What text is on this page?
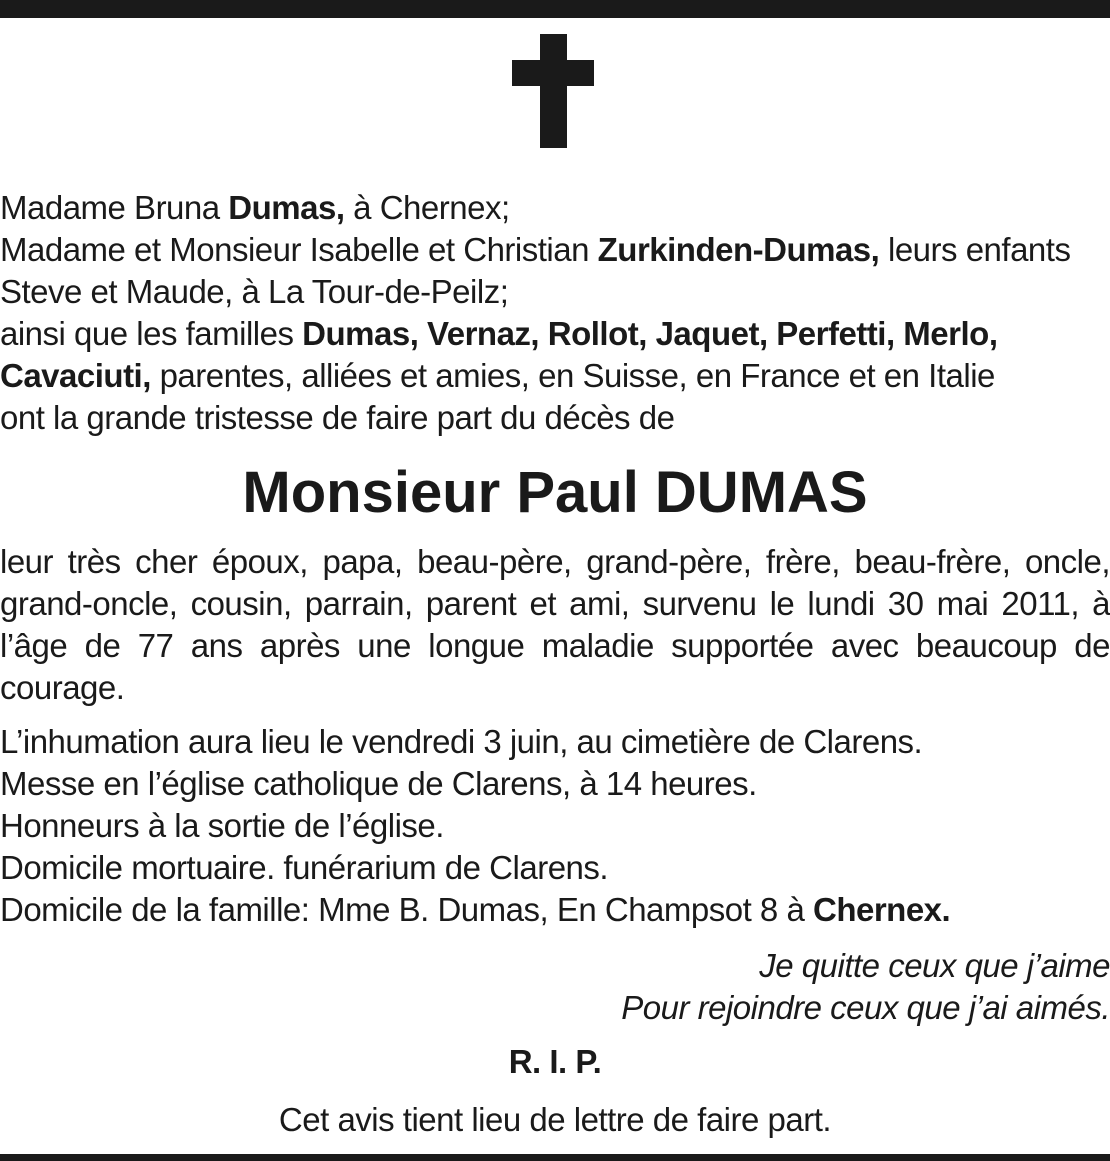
Madame Bruna Dumas, à Chernex;

Madame et Monsieur Isabelle et Christian Zurkinden-Dumas, leurs enfants

Steve et Maude, à La Tour-de-Peilz;

ainsi que les familles Dumas, Vernaz, Rollot, Jaquet, Perfetti, Merlo,

Cavaciuti, parentes, alliées et amies, en Suisse, en France et en Italie

ont la grande tristesse de faire part du décès de

Monsieur Paul DUMAS

leur très cher époux, papa, beau-père, grand-père, frère, beau-frère, oncle, grand-oncle, cousin, parrain, parent et ami, survenu le lundi 30 mai 2011, à l’âge de 77 ans après une longue maladie supportée avec beaucoup de courage.

L’inhumation aura lieu le vendredi 3 juin, au cimetière de Clarens.

Messe en l’église catholique de Clarens, à 14 heures.

Honneurs à la sortie de l’église.

Domicile mortuaire. funérarium de Clarens.

Domicile de la famille: Mme B. Dumas, En Champsot 8 à Chernex.

Je quitte ceux que j’aime
Pour rejoindre ceux que j’ai aimés.

R. I. P.

Cet avis tient lieu de lettre de faire part.
